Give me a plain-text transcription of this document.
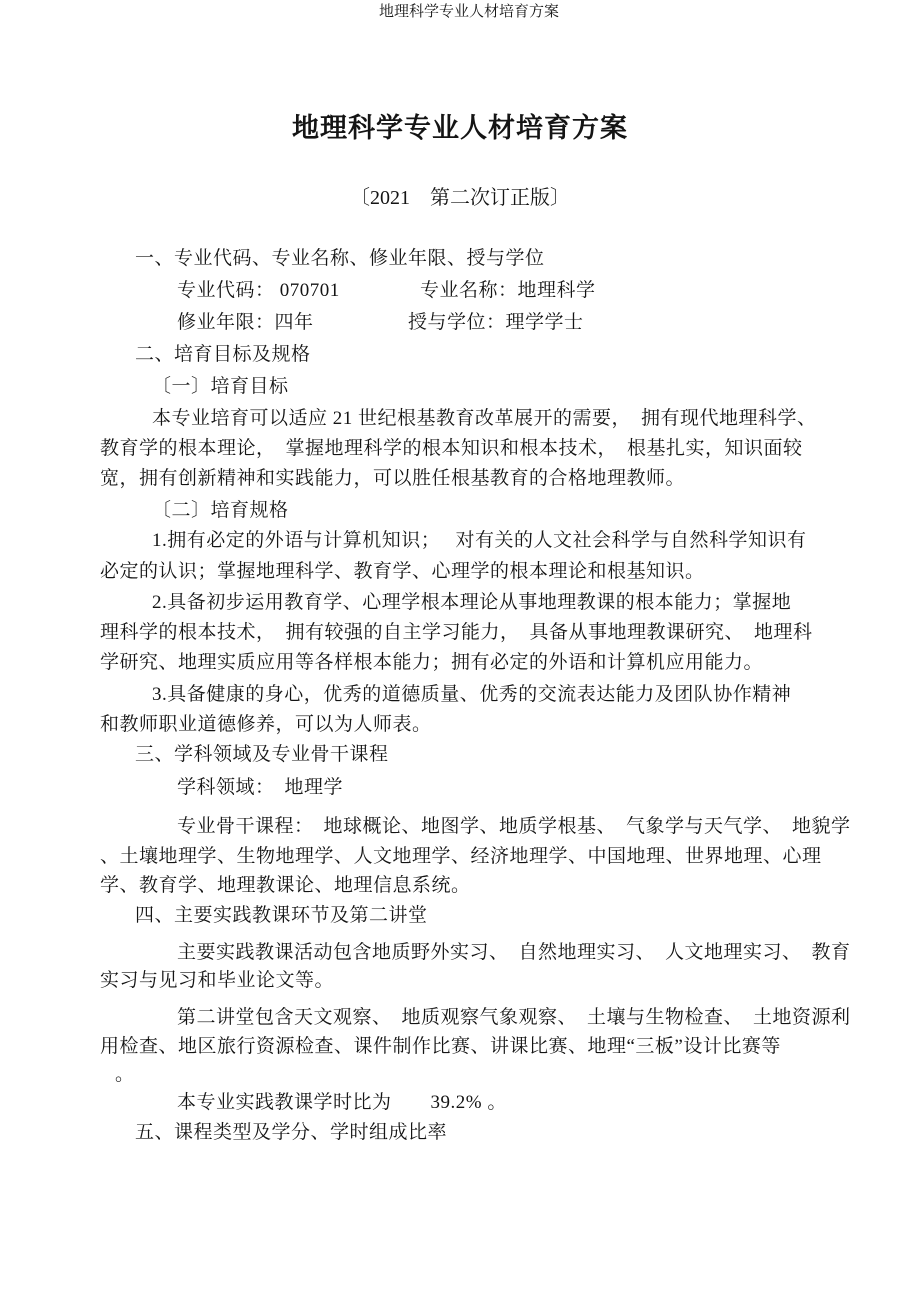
地理科学专业人材培育方案
地理科学专业人材培育方案
〔2021　第二次订正版〕
一、专业代码、专业名称、修业年限、授与学位
专业代码： 070701	专业名称：地理科学
修业年限：四年	授与学位：理学学士
二、培育目标及规格
〔一〕培育目标
本专业培育可以适应 21 世纪根基教育改革展开的需要，　拥有现代地理科学、
教育学的根本理论，　掌握地理科学的根本知识和根本技术，　根基扎实，知识面较
宽，拥有创新精神和实践能力，可以胜任根基教育的合格地理教师。
〔二〕培育规格
1.拥有必定的外语与计算机知识；　 对有关的人文社会科学与自然科学知识有
必定的认识；掌握地理科学、教育学、心理学的根本理论和根基知识。
2.具备初步运用教育学、心理学根本理论从事地理教课的根本能力；掌握地
理科学的根本技术，　拥有较强的自主学习能力，　具备从事地理教课研究、　地理科
学研究、地理实质应用等各样根本能力；拥有必定的外语和计算机应用能力。
3.具备健康的身心，优秀的道德质量、优秀的交流表达能力及团队协作精神
和教师职业道德修养，可以为人师表。
三、学科领域及专业骨干课程
学科领域：　地理学
专业骨干课程：　地球概论、地图学、地质学根基、　气象学与天气学、　地貌学
、土壤地理学、生物地理学、人文地理学、经济地理学、中国地理、世界地理、心理
学、教育学、地理教课论、地理信息系统。
四、主要实践教课环节及第二讲堂
主要实践教课活动包含地质野外实习、　自然地理实习、　人文地理实习、　教育
实习与见习和毕业论文等。
第二讲堂包含天文观察、　地质观察气象观察、　土壤与生物检查、　土地资源利
用检查、地区旅行资源检查、课件制作比赛、讲课比赛、地理“三板”设计比赛等
。
本专业实践教课学时比为　　39.2% 。
五、课程类型及学分、学时组成比率
